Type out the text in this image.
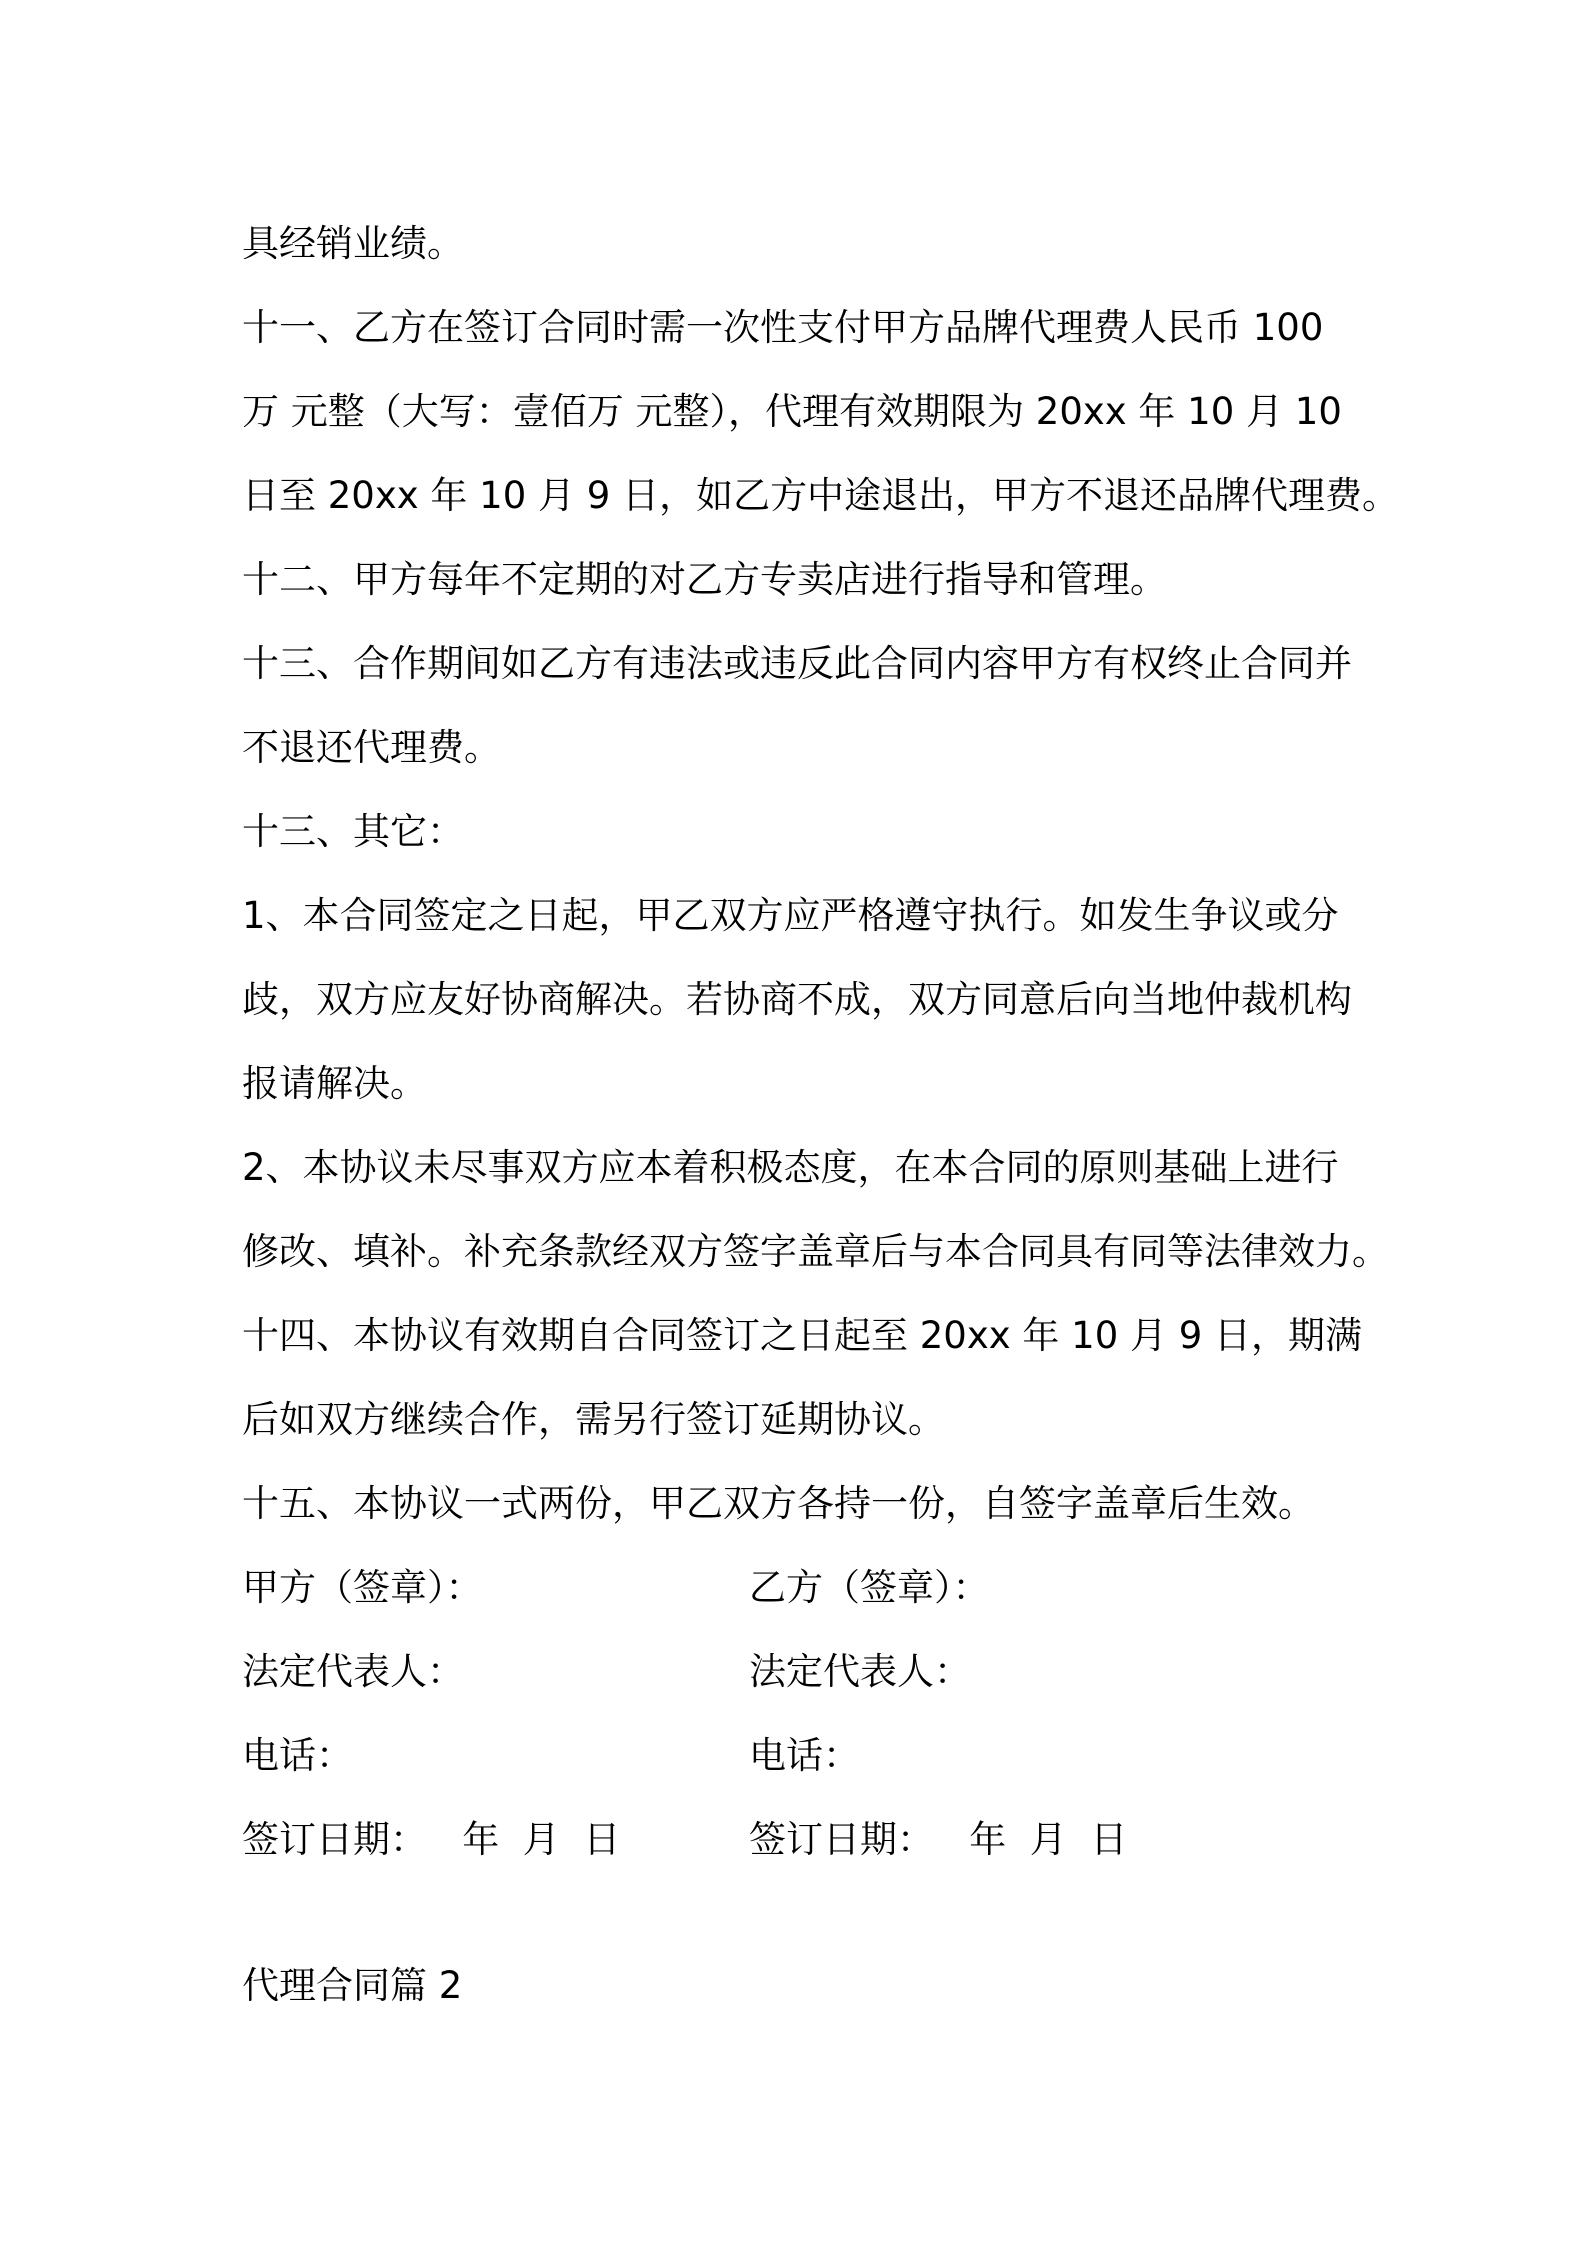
具经销业绩。
十一、乙方在签订合同时需一次性支付甲方品牌代理费人民币 100
万 元整（大写：壹佰万 元整），代理有效期限为 20xx 年 10 月 10
日至 20xx 年 10 月 9 日，如乙方中途退出，甲方不退还品牌代理费。
十二、甲方每年不定期的对乙方专卖店进行指导和管理。
十三、合作期间如乙方有违法或违反此合同内容甲方有权终止合同并
不退还代理费。
十三、其它：
1、本合同签定之日起，甲乙双方应严格遵守执行。如发生争议或分
歧，双方应友好协商解决。若协商不成，双方同意后向当地仲裁机构
报请解决。
2、本协议未尽事双方应本着积极态度，在本合同的原则基础上进行
修改、填补。补充条款经双方签字盖章后与本合同具有同等法律效力。
十四、本协议有效期自合同签订之日起至 20xx 年 10 月 9 日，期满
后如双方继续合作，需另行签订延期协议。
十五、本协议一式两份，甲乙双方各持一份，自签字盖章后生效。
甲方（签章）：	乙方（签章）：
法定代表人：	法定代表人：
电话：	电话：
签订日期：   年  月  日	签订日期：   年  月  日
代理合同篇 2
